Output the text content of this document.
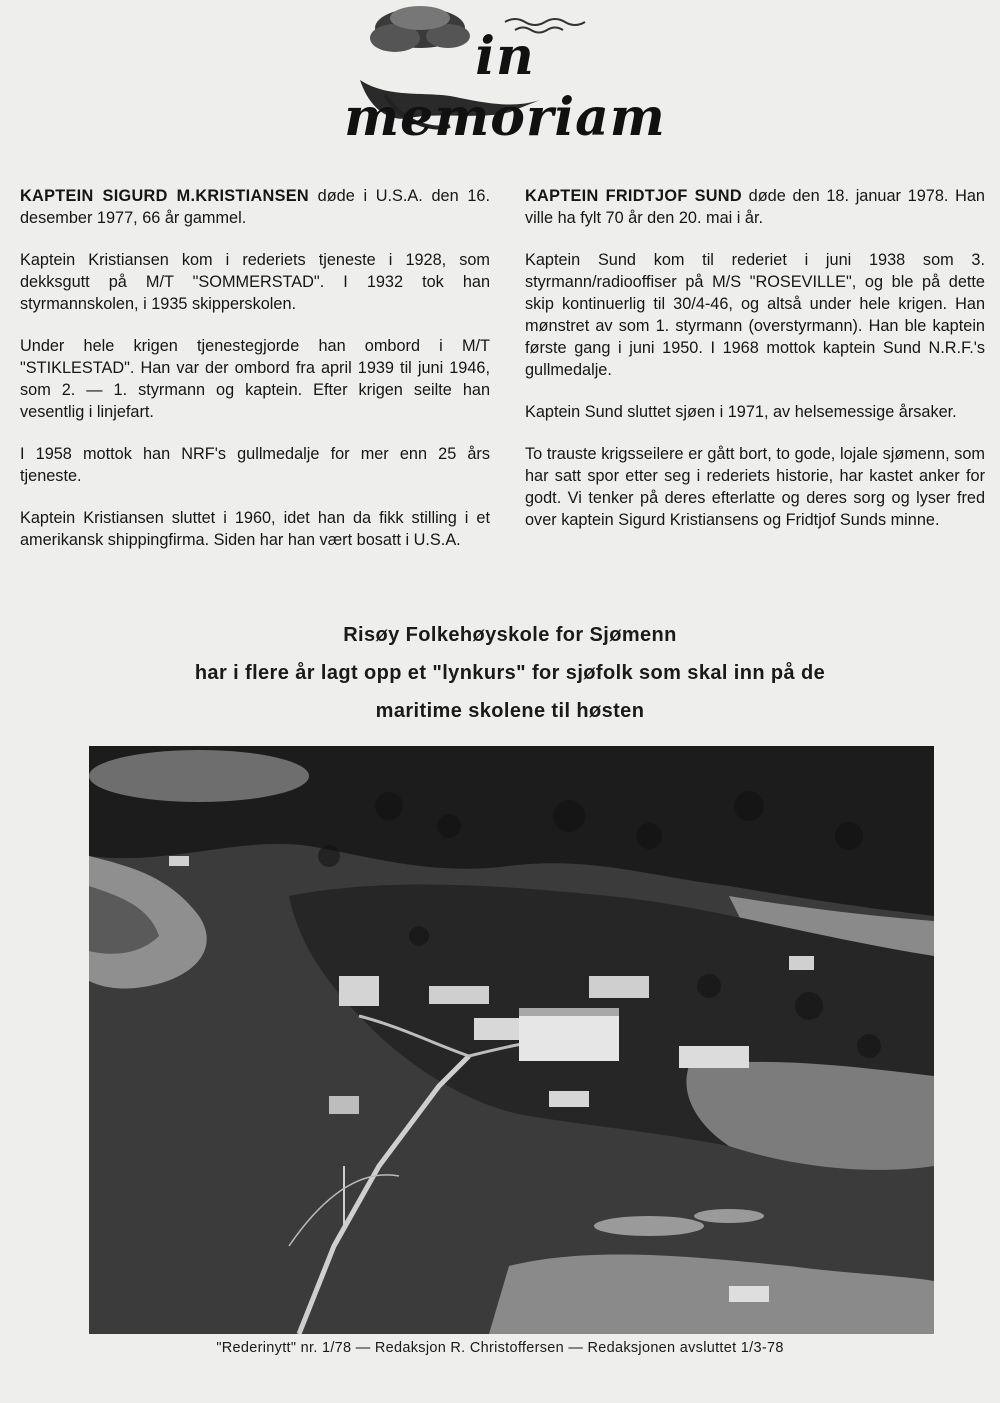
in memoriam

KAPTEIN SIGURD M.KRISTIANSEN døde i U.S.A. den 16. desember 1977, 66 år gammel.

Kaptein Kristiansen kom i rederiets tjeneste i 1928, som dekksgutt på M/T "SOMMERSTAD". I 1932 tok han styrmannskolen, i 1935 skipperskolen.

Under hele krigen tjenestegjorde han ombord i M/T "STIKLESTAD". Han var der ombord fra april 1939 til juni 1946, som 2. — 1. styrmann og kaptein. Efter krigen seilte han vesentlig i linjefart.

I 1958 mottok han NRF's gullmedalje for mer enn 25 års tjeneste.

Kaptein Kristiansen sluttet i 1960, idet han da fikk stilling i et amerikansk shippingfirma. Siden har han vært bosatt i U.S.A.

KAPTEIN FRIDTJOF SUND døde den 18. januar 1978. Han ville ha fylt 70 år den 20. mai i år.

Kaptein Sund kom til rederiet i juni 1938 som 3. styrmann/radiooffiser på M/S "ROSEVILLE", og ble på dette skip kontinuerlig til 30/4-46, og altså under hele krigen. Han mønstret av som 1. styrmann (overstyrmann). Han ble kaptein første gang i juni 1950. I 1968 mottok kaptein Sund N.R.F.'s gullmedalje.

Kaptein Sund sluttet sjøen i 1971, av helsemessige årsaker.

To trauste krigsseilere er gått bort, to gode, lojale sjømenn, som har satt spor etter seg i rederiets historie, har kastet anker for godt. Vi tenker på deres efterlatte og deres sorg og lyser fred over kaptein Sigurd Kristiansens og Fridtjof Sunds minne.

Risøy Folkehøyskole for Sjømenn
har i flere år lagt opp et "lynkurs" for sjøfolk som skal inn på de
maritime skolene til høsten
"Rederinytt" nr. 1/78 — Redaksjon R. Christoffersen — Redaksjonen avsluttet 1/3-78
